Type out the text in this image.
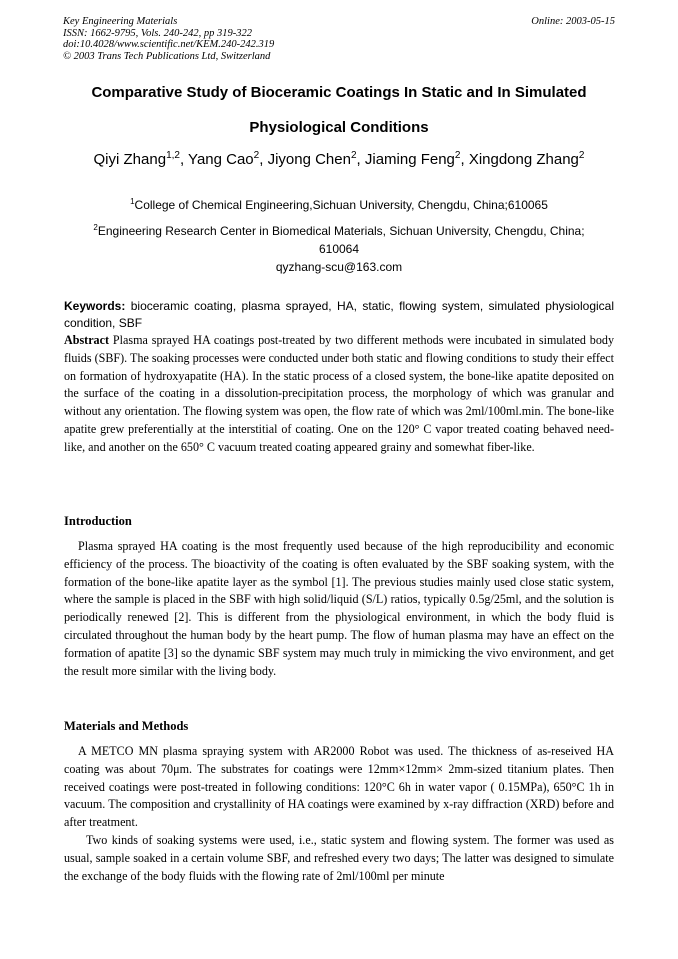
Key Engineering Materials
ISSN: 1662-9795, Vols. 240-242, pp 319-322
doi:10.4028/www.scientific.net/KEM.240-242.319
© 2003 Trans Tech Publications Ltd, Switzerland
Online: 2003-05-15
Comparative Study of Bioceramic Coatings In Static and In Simulated
Physiological Conditions
Qiyi Zhang$^{1,2}$, Yang Cao$^2$, Jiyong Chen$^2$, Jiaming Feng$^2$, Xingdong Zhang$^2$
$^1$College of Chemical Engineering,Sichuan University, Chengdu, China;610065
$^2$Engineering Research Center in Biomedical Materials, Sichuan University, Chengdu, China;
610064
qyzhang-scu@163.com
Keywords: bioceramic coating, plasma sprayed, HA, static, flowing system, simulated physiological condition, SBF
Abstract Plasma sprayed HA coatings post-treated by two different methods were incubated in simulated body fluids (SBF). The soaking processes were conducted under both static and flowing conditions to study their effect on formation of hydroxyapatite (HA). In the static process of a closed system, the bone-like apatite deposited on the surface of the coating in a dissolution-precipitation process, the morphology of which was granular and without any orientation. The flowing system was open, the flow rate of which was 2ml/100ml.min. The bone-like apatite grew preferentially at the interstitial of coating. One on the 120° C vapor treated coating behaved need-like, and another on the 650° C vacuum treated coating appeared grainy and somewhat fiber-like.
Introduction

Plasma sprayed HA coating is the most frequently used because of the high reproducibility and economic efficiency of the process. The bioactivity of the coating is often evaluated by the SBF soaking system, with the formation of the bone-like apatite layer as the symbol [1]. The previous studies mainly used close static system, where the sample is placed in the SBF with high solid/liquid (S/L) ratios, typically 0.5g/25ml, and the solution is periodically renewed [2]. This is different from the physiological environment, in which the body fluid is circulated throughout the human body by the heart pump. The flow of human plasma may have an effect on the formation of apatite [3] so the dynamic SBF system may much truly in mimicking the vivo environment, and get the result more similar with the living body.

Materials and Methods

A METCO MN plasma spraying system with AR2000 Robot was used. The thickness of as-reseived HA coating was about 70μm. The substrates for coatings were 12mm×12mm× 2mm-sized titanium plates. Then received coatings were post-treated in following conditions: 120°C 6h in water vapor ( 0.15MPa), 650°C 1h in vacuum. The composition and crystallinity of HA coatings were examined by x-ray diffraction (XRD) before and after treatment.

Two kinds of soaking systems were used, i.e., static system and flowing system. The former was used as usual, sample soaked in a certain volume SBF, and refreshed every two days; The latter was designed to simulate the exchange of the body fluids with the flowing rate of 2ml/100ml per minute
